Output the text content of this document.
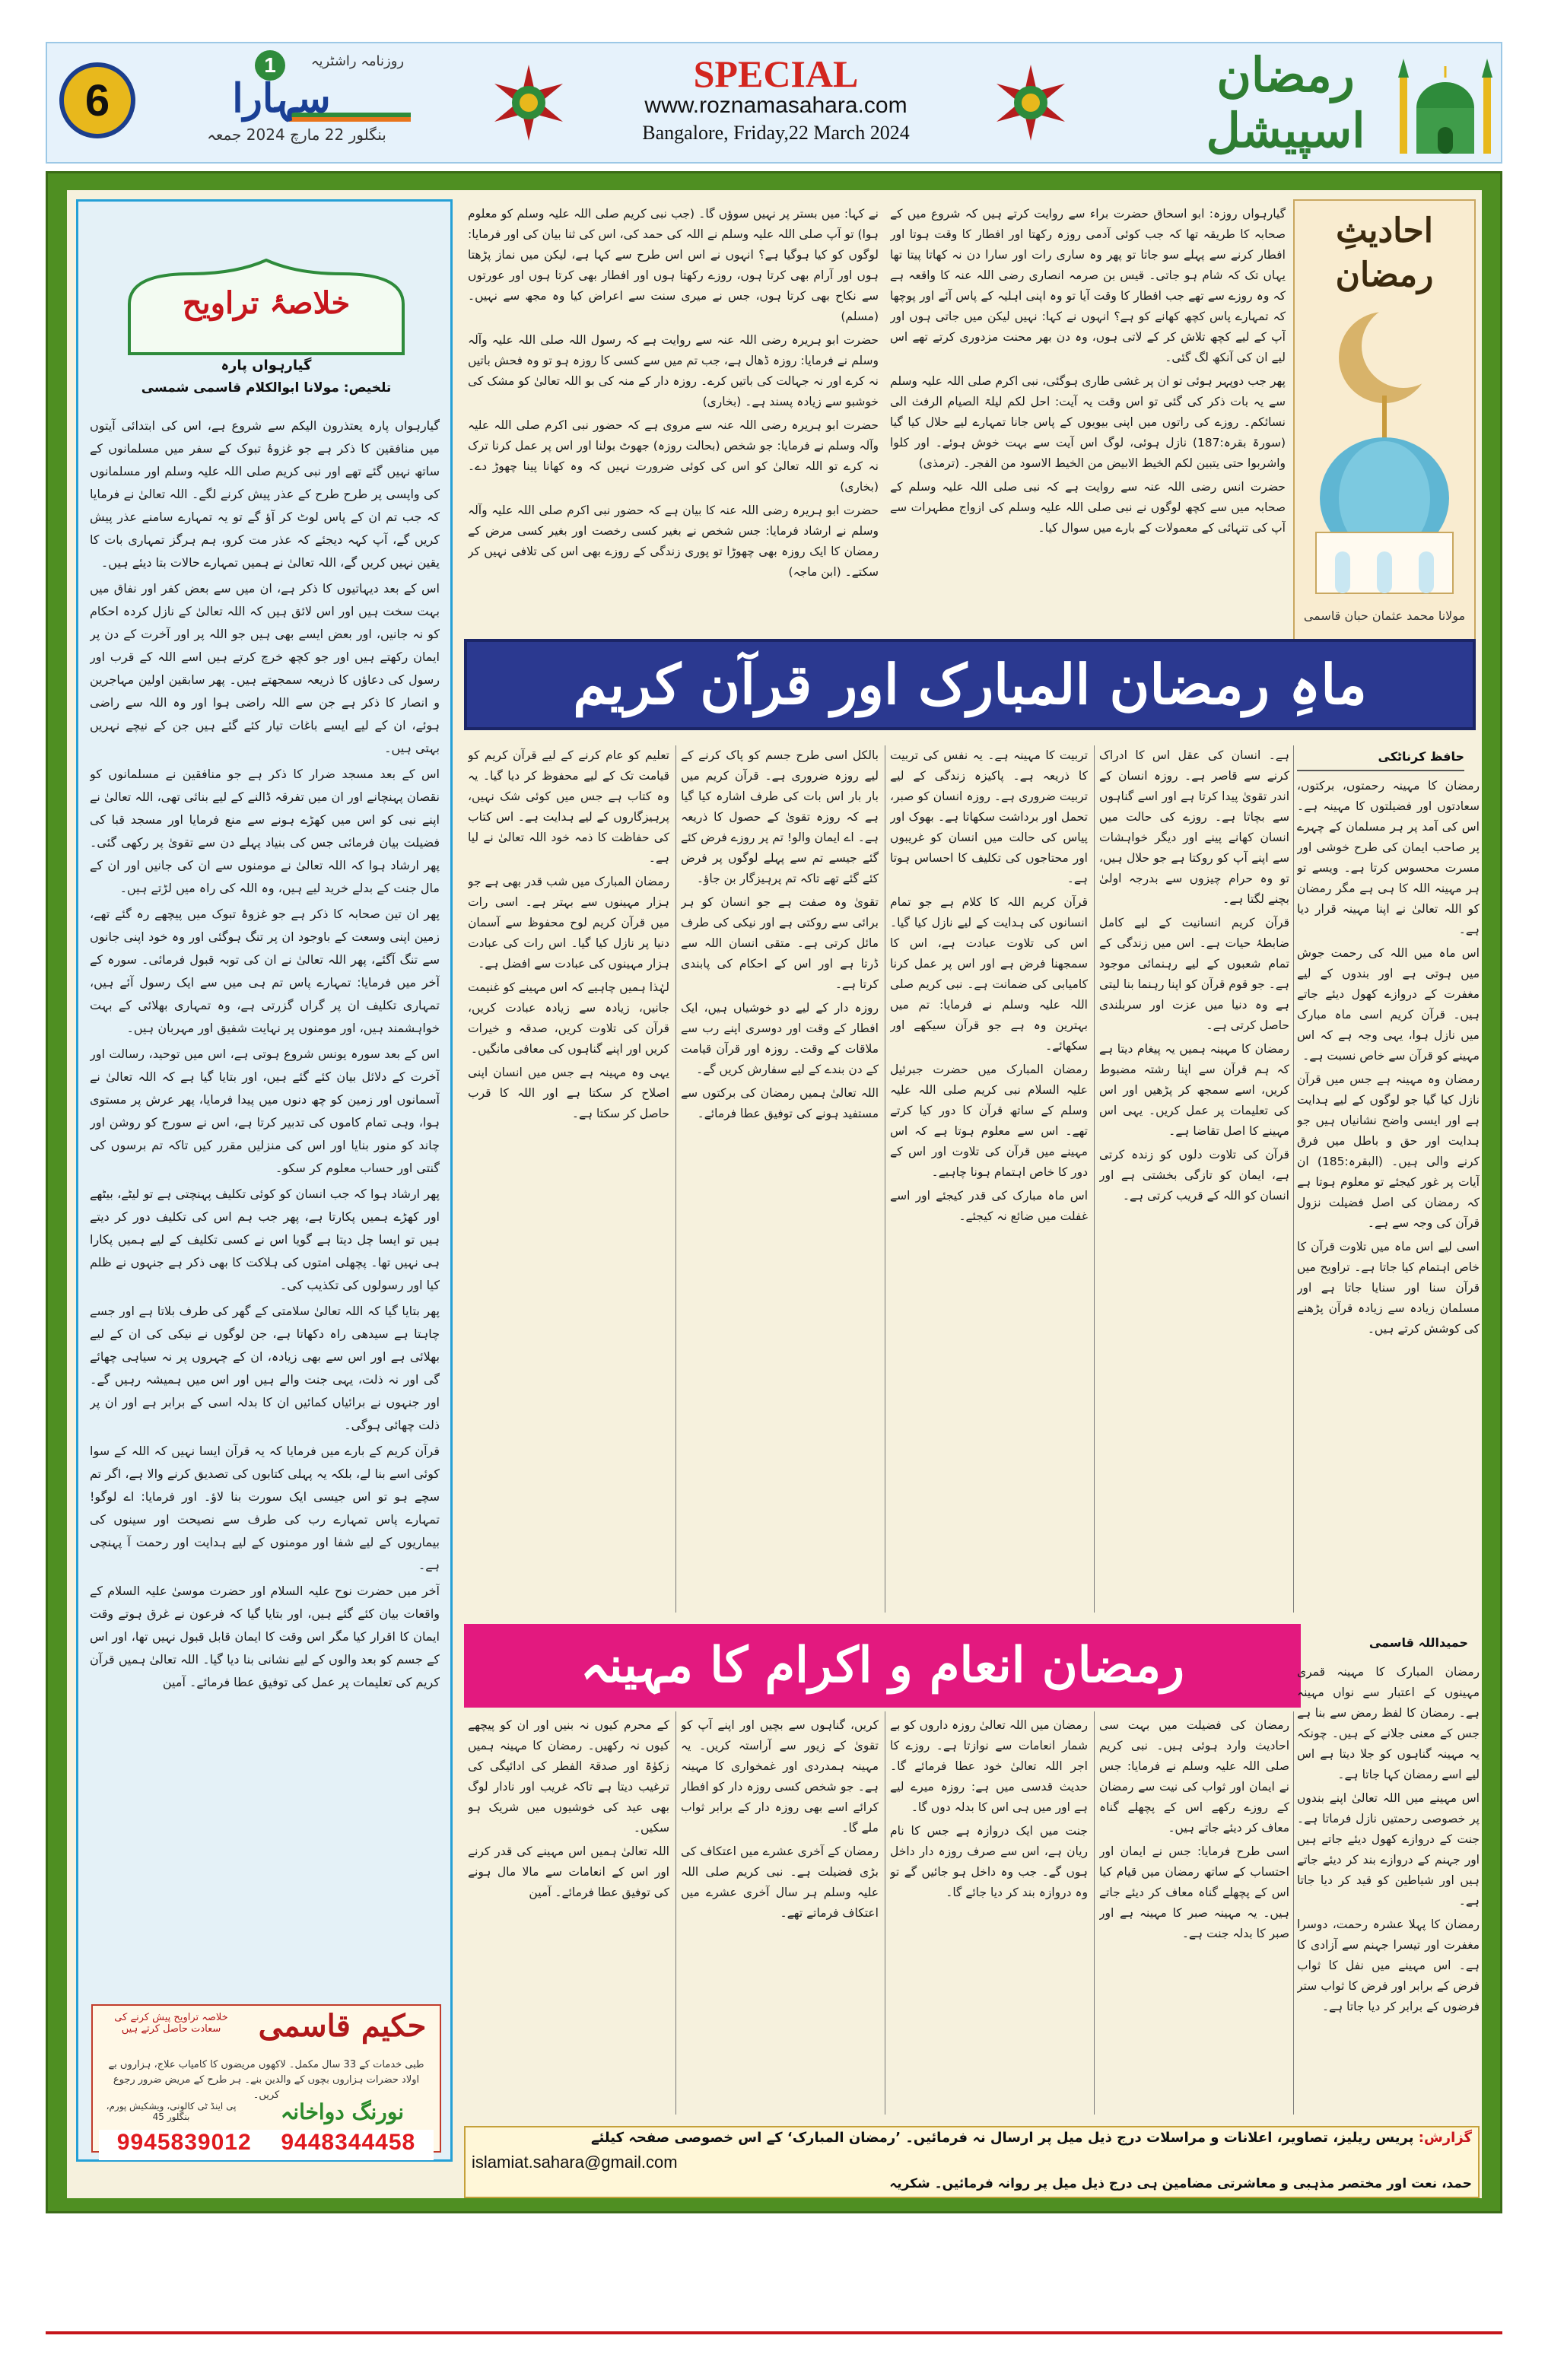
6
1
سہارا
بنگلور 22 مارچ 2024 جمعہ
روزنامہ راشٹریہ	SPECIAL
www.roznamasahara.com
Bangalore, Friday,22 March 2024
رمضان اسپیشل
احادیثِ
رمضان
مولانا محمد عثمان حبان قاسمی

گیارہواں روزہ: ابو اسحاق حضرت براء سے روایت کرتے ہیں کہ شروع میں کے صحابہ کا طریقہ تھا کہ جب کوئی آدمی روزہ رکھتا اور افطار کا وقت ہوتا اور افطار کرنے سے پہلے سو جاتا تو پھر وہ ساری رات اور سارا دن نہ کھاتا پیتا تھا یہاں تک کہ شام ہو جاتی۔ قیس بن صرمہ انصاری رضی اللہ عنہ کا واقعہ ہے کہ وہ روزے سے تھے جب افطار کا وقت آیا تو وہ اپنی اہلیہ کے پاس آئے اور پوچھا کہ تمہارے پاس کچھ کھانے کو ہے؟ انہوں نے کہا: نہیں لیکن میں جاتی ہوں اور آپ کے لیے کچھ تلاش کر کے لاتی ہوں، وہ دن بھر محنت مزدوری کرتے تھے اس لیے ان کی آنکھ لگ گئی۔

پھر جب دوپہر ہوئی تو ان پر غشی طاری ہوگئی، نبی اکرم صلی اللہ علیہ وسلم سے یہ بات ذکر کی گئی تو اس وقت یہ آیت: احل لکم لیلۃ الصیام الرفث الی نسائکم۔ روزے کی راتوں میں اپنی بیویوں کے پاس جانا تمہارے لیے حلال کیا گیا (سورۃ بقرہ:187) نازل ہوئی، لوگ اس آیت سے بہت خوش ہوئے۔ اور کلوا واشربوا حتی یتبین لکم الخیط الابیض من الخیط الاسود من الفجر۔ (ترمذی)

حضرت انس رضی اللہ عنہ سے روایت ہے کہ نبی صلی اللہ علیہ وسلم کے صحابہ میں سے کچھ لوگوں نے نبی صلی اللہ علیہ وسلم کی ازواج مطہرات سے آپ کی تنہائی کے معمولات کے بارے میں سوال کیا۔

نے کہا: میں بستر پر نہیں سوؤں گا۔ (جب نبی کریم صلی اللہ علیہ وسلم کو معلوم ہوا) تو آپ صلی اللہ علیہ وسلم نے اللہ کی حمد کی، اس کی ثنا بیان کی اور فرمایا: لوگوں کو کیا ہوگیا ہے؟ انہوں نے اس اس طرح سے کہا ہے، لیکن میں نماز پڑھتا ہوں اور آرام بھی کرتا ہوں، روزے رکھتا ہوں اور افطار بھی کرتا ہوں اور عورتوں سے نکاح بھی کرتا ہوں، جس نے میری سنت سے اعراض کیا وہ مجھ سے نہیں۔ (مسلم)

حضرت ابو ہریرہ رضی اللہ عنہ سے روایت ہے کہ رسول اللہ صلی اللہ علیہ وآلہ وسلم نے فرمایا: روزہ ڈھال ہے، جب تم میں سے کسی کا روزہ ہو تو وہ فحش باتیں نہ کرے اور نہ جہالت کی باتیں کرے۔ روزہ دار کے منہ کی بو اللہ تعالیٰ کو مشک کی خوشبو سے زیادہ پسند ہے۔ (بخاری)

حضرت ابو ہریرہ رضی اللہ عنہ سے مروی ہے کہ حضور نبی اکرم صلی اللہ علیہ وآلہ وسلم نے فرمایا: جو شخص (بحالت روزہ) جھوٹ بولنا اور اس پر عمل کرنا ترک نہ کرے تو اللہ تعالیٰ کو اس کی کوئی ضرورت نہیں کہ وہ کھانا پینا چھوڑ دے۔ (بخاری)

حضرت ابو ہریرہ رضی اللہ عنہ کا بیان ہے کہ حضور نبی اکرم صلی اللہ علیہ وآلہ وسلم نے ارشاد فرمایا: جس شخص نے بغیر کسی رخصت اور بغیر کسی مرض کے رمضان کا ایک روزہ بھی چھوڑا تو پوری زندگی کے روزے بھی اس کی تلافی نہیں کر سکتے۔ (ابن ماجہ)

خلاصۂ تراویح
گیارہواں پارہ
تلخیص: مولانا ابوالکلام قاسمی شمسی

گیارہواں پارہ یعتذرون الیکم سے شروع ہے، اس کی ابتدائی آیتوں میں منافقین کا ذکر ہے جو غزوۂ تبوک کے سفر میں مسلمانوں کے ساتھ نہیں گئے تھے اور نبی کریم صلی اللہ علیہ وسلم اور مسلمانوں کی واپسی پر طرح طرح کے عذر پیش کرنے لگے۔ اللہ تعالیٰ نے فرمایا کہ جب تم ان کے پاس لوٹ کر آؤ گے تو یہ تمہارے سامنے عذر پیش کریں گے، آپ کہہ دیجئے کہ عذر مت کرو، ہم ہرگز تمہاری بات کا یقین نہیں کریں گے، اللہ تعالیٰ نے ہمیں تمہارے حالات بتا دیئے ہیں۔

اس کے بعد دیہاتیوں کا ذکر ہے، ان میں سے بعض کفر اور نفاق میں بہت سخت ہیں اور اس لائق ہیں کہ اللہ تعالیٰ کے نازل کردہ احکام کو نہ جانیں، اور بعض ایسے بھی ہیں جو اللہ پر اور آخرت کے دن پر ایمان رکھتے ہیں اور جو کچھ خرچ کرتے ہیں اسے اللہ کے قرب اور رسول کی دعاؤں کا ذریعہ سمجھتے ہیں۔ پھر سابقین اولین مہاجرین و انصار کا ذکر ہے جن سے اللہ راضی ہوا اور وہ اللہ سے راضی ہوئے، ان کے لیے ایسے باغات تیار کئے گئے ہیں جن کے نیچے نہریں بہتی ہیں۔

اس کے بعد مسجد ضرار کا ذکر ہے جو منافقین نے مسلمانوں کو نقصان پہنچانے اور ان میں تفرقہ ڈالنے کے لیے بنائی تھی، اللہ تعالیٰ نے اپنے نبی کو اس میں کھڑے ہونے سے منع فرمایا اور مسجد قبا کی فضیلت بیان فرمائی جس کی بنیاد پہلے دن سے تقویٰ پر رکھی گئی۔ پھر ارشاد ہوا کہ اللہ تعالیٰ نے مومنوں سے ان کی جانیں اور ان کے مال جنت کے بدلے خرید لیے ہیں، وہ اللہ کی راہ میں لڑتے ہیں۔

پھر ان تین صحابہ کا ذکر ہے جو غزوۂ تبوک میں پیچھے رہ گئے تھے، زمین اپنی وسعت کے باوجود ان پر تنگ ہوگئی اور وہ خود اپنی جانوں سے تنگ آگئے، پھر اللہ تعالیٰ نے ان کی توبہ قبول فرمائی۔ سورہ کے آخر میں فرمایا: تمہارے پاس تم ہی میں سے ایک رسول آئے ہیں، تمہاری تکلیف ان پر گراں گزرتی ہے، وہ تمہاری بھلائی کے بہت خواہشمند ہیں، اور مومنوں پر نہایت شفیق اور مہربان ہیں۔

اس کے بعد سورہ یونس شروع ہوتی ہے، اس میں توحید، رسالت اور آخرت کے دلائل بیان کئے گئے ہیں، اور بتایا گیا ہے کہ اللہ تعالیٰ نے آسمانوں اور زمین کو چھ دنوں میں پیدا فرمایا، پھر عرش پر مستوی ہوا، وہی تمام کاموں کی تدبیر کرتا ہے، اس نے سورج کو روشن اور چاند کو منور بنایا اور اس کی منزلیں مقرر کیں تاکہ تم برسوں کی گنتی اور حساب معلوم کر سکو۔

پھر ارشاد ہوا کہ جب انسان کو کوئی تکلیف پہنچتی ہے تو لیٹے، بیٹھے اور کھڑے ہمیں پکارتا ہے، پھر جب ہم اس کی تکلیف دور کر دیتے ہیں تو ایسا چل دیتا ہے گویا اس نے کسی تکلیف کے لیے ہمیں پکارا ہی نہیں تھا۔ پچھلی امتوں کی ہلاکت کا بھی ذکر ہے جنہوں نے ظلم کیا اور رسولوں کی تکذیب کی۔

پھر بتایا گیا کہ اللہ تعالیٰ سلامتی کے گھر کی طرف بلاتا ہے اور جسے چاہتا ہے سیدھی راہ دکھاتا ہے، جن لوگوں نے نیکی کی ان کے لیے بھلائی ہے اور اس سے بھی زیادہ، ان کے چہروں پر نہ سیاہی چھائے گی اور نہ ذلت، یہی جنت والے ہیں اور اس میں ہمیشہ رہیں گے۔ اور جنہوں نے برائیاں کمائیں ان کا بدلہ اسی کے برابر ہے اور ان پر ذلت چھائی ہوگی۔

قرآن کریم کے بارے میں فرمایا کہ یہ قرآن ایسا نہیں کہ اللہ کے سوا کوئی اسے بنا لے، بلکہ یہ پہلی کتابوں کی تصدیق کرنے والا ہے، اگر تم سچے ہو تو اس جیسی ایک سورت بنا لاؤ۔ اور فرمایا: اے لوگو! تمہارے پاس تمہارے رب کی طرف سے نصیحت اور سینوں کی بیماریوں کے لیے شفا اور مومنوں کے لیے ہدایت اور رحمت آ پہنچی ہے۔

آخر میں حضرت نوح علیہ السلام اور حضرت موسیٰ علیہ السلام کے واقعات بیان کئے گئے ہیں، اور بتایا گیا کہ فرعون نے غرق ہوتے وقت ایمان کا اقرار کیا مگر اس وقت کا ایمان قابل قبول نہیں تھا، اور اس کے جسم کو بعد والوں کے لیے نشانی بنا دیا گیا۔ اللہ تعالیٰ ہمیں قرآن کریم کی تعلیمات پر عمل کی توفیق عطا فرمائے۔ آمین

خلاصہ تراویح پیش کرنے کی سعادت حاصل کرتے ہیں	حکیم قاسمی
طبی خدمات کے 33 سال مکمل۔ لاکھوں مریضوں کا کامیاب علاج، ہزاروں بے اولاد حضرات ہزاروں بچوں کے والدین بنے۔ ہر طرح کے مریض ضرور رجوع کریں۔
نورنگ دواخانہ
پی اینڈ ٹی کالونی، ویشکیش پورم، بنگلور 45
9945839012 9448344458
ماہِ رمضان المبارک اور قرآن کریم
حافظ کرناٹکی

رمضان کا مہینہ رحمتوں، برکتوں، سعادتوں اور فضیلتوں کا مہینہ ہے۔ اس کی آمد پر ہر مسلمان کے چہرے پر صاحب ایمان کی طرح خوشی اور مسرت محسوس کرتا ہے۔ ویسے تو ہر مہینہ اللہ کا ہی ہے مگر رمضان کو اللہ تعالیٰ نے اپنا مہینہ قرار دیا ہے۔

اس ماہ میں اللہ کی رحمت جوش میں ہوتی ہے اور بندوں کے لیے مغفرت کے دروازے کھول دیئے جاتے ہیں۔ قرآن کریم اسی ماہ مبارک میں نازل ہوا، یہی وجہ ہے کہ اس مہینے کو قرآن سے خاص نسبت ہے۔

رمضان وہ مہینہ ہے جس میں قرآن نازل کیا گیا جو لوگوں کے لیے ہدایت ہے اور ایسی واضح نشانیاں ہیں جو ہدایت اور حق و باطل میں فرق کرنے والی ہیں۔ (البقرہ:185) ان آیات پر غور کیجئے تو معلوم ہوتا ہے کہ رمضان کی اصل فضیلت نزول قرآن کی وجہ سے ہے۔

اسی لیے اس ماہ میں تلاوت قرآن کا خاص اہتمام کیا جاتا ہے۔ تراویح میں قرآن سنا اور سنایا جاتا ہے اور مسلمان زیادہ سے زیادہ قرآن پڑھنے کی کوشش کرتے ہیں۔

ہے۔ انسان کی عقل اس کا ادراک کرنے سے قاصر ہے۔ روزہ انسان کے اندر تقویٰ پیدا کرتا ہے اور اسے گناہوں سے بچاتا ہے۔ روزے کی حالت میں انسان کھانے پینے اور دیگر خواہشات سے اپنے آپ کو روکتا ہے جو حلال ہیں، تو وہ حرام چیزوں سے بدرجہ اولیٰ بچنے لگتا ہے۔

قرآن کریم انسانیت کے لیے کامل ضابطۂ حیات ہے۔ اس میں زندگی کے تمام شعبوں کے لیے رہنمائی موجود ہے۔ جو قوم قرآن کو اپنا رہنما بنا لیتی ہے وہ دنیا میں عزت اور سربلندی حاصل کرتی ہے۔

رمضان کا مہینہ ہمیں یہ پیغام دیتا ہے کہ ہم قرآن سے اپنا رشتہ مضبوط کریں، اسے سمجھ کر پڑھیں اور اس کی تعلیمات پر عمل کریں۔ یہی اس مہینے کا اصل تقاضا ہے۔

قرآن کی تلاوت دلوں کو زندہ کرتی ہے، ایمان کو تازگی بخشتی ہے اور انسان کو اللہ کے قریب کرتی ہے۔

تربیت کا مہینہ ہے۔ یہ نفس کی تربیت کا ذریعہ ہے۔ پاکیزہ زندگی کے لیے تربیت ضروری ہے۔ روزہ انسان کو صبر، تحمل اور برداشت سکھاتا ہے۔ بھوک اور پیاس کی حالت میں انسان کو غریبوں اور محتاجوں کی تکلیف کا احساس ہوتا ہے۔

قرآن کریم اللہ کا کلام ہے جو تمام انسانوں کی ہدایت کے لیے نازل کیا گیا۔ اس کی تلاوت عبادت ہے، اس کا سمجھنا فرض ہے اور اس پر عمل کرنا کامیابی کی ضمانت ہے۔ نبی کریم صلی اللہ علیہ وسلم نے فرمایا: تم میں بہترین وہ ہے جو قرآن سیکھے اور سکھائے۔

رمضان المبارک میں حضرت جبرئیل علیہ السلام نبی کریم صلی اللہ علیہ وسلم کے ساتھ قرآن کا دور کیا کرتے تھے۔ اس سے معلوم ہوتا ہے کہ اس مہینے میں قرآن کی تلاوت اور اس کے دور کا خاص اہتمام ہونا چاہیے۔

اس ماہ مبارک کی قدر کیجئے اور اسے غفلت میں ضائع نہ کیجئے۔

بالکل اسی طرح جسم کو پاک کرنے کے لیے روزہ ضروری ہے۔ قرآن کریم میں بار بار اس بات کی طرف اشارہ کیا گیا ہے کہ روزہ تقویٰ کے حصول کا ذریعہ ہے۔ اے ایمان والو! تم پر روزے فرض کئے گئے جیسے تم سے پہلے لوگوں پر فرض کئے گئے تھے تاکہ تم پرہیزگار بن جاؤ۔

تقویٰ وہ صفت ہے جو انسان کو ہر برائی سے روکتی ہے اور نیکی کی طرف مائل کرتی ہے۔ متقی انسان اللہ سے ڈرتا ہے اور اس کے احکام کی پابندی کرتا ہے۔

روزہ دار کے لیے دو خوشیاں ہیں، ایک افطار کے وقت اور دوسری اپنے رب سے ملاقات کے وقت۔ روزہ اور قرآن قیامت کے دن بندے کے لیے سفارش کریں گے۔

اللہ تعالیٰ ہمیں رمضان کی برکتوں سے مستفید ہونے کی توفیق عطا فرمائے۔

تعلیم کو عام کرنے کے لیے قرآن کریم کو قیامت تک کے لیے محفوظ کر دیا گیا۔ یہ وہ کتاب ہے جس میں کوئی شک نہیں، پرہیزگاروں کے لیے ہدایت ہے۔ اس کتاب کی حفاظت کا ذمہ خود اللہ تعالیٰ نے لیا ہے۔

رمضان المبارک میں شب قدر بھی ہے جو ہزار مہینوں سے بہتر ہے۔ اسی رات میں قرآن کریم لوح محفوظ سے آسمان دنیا پر نازل کیا گیا۔ اس رات کی عبادت ہزار مہینوں کی عبادت سے افضل ہے۔

لہٰذا ہمیں چاہیے کہ اس مہینے کو غنیمت جانیں، زیادہ سے زیادہ عبادت کریں، قرآن کی تلاوت کریں، صدقہ و خیرات کریں اور اپنے گناہوں کی معافی مانگیں۔

یہی وہ مہینہ ہے جس میں انسان اپنی اصلاح کر سکتا ہے اور اللہ کا قرب حاصل کر سکتا ہے۔

رمضان انعام و اکرام کا مہینہ	حمیداللہ قاسمی

رمضان المبارک کا مہینہ قمری مہینوں کے اعتبار سے نواں مہینہ ہے۔ رمضان کا لفظ رمض سے بنا ہے جس کے معنی جلانے کے ہیں۔ چونکہ یہ مہینہ گناہوں کو جلا دیتا ہے اس لیے اسے رمضان کہا جاتا ہے۔

اس مہینے میں اللہ تعالیٰ اپنے بندوں پر خصوصی رحمتیں نازل فرماتا ہے۔ جنت کے دروازے کھول دیئے جاتے ہیں اور جہنم کے دروازے بند کر دیئے جاتے ہیں اور شیاطین کو قید کر دیا جاتا ہے۔

رمضان کا پہلا عشرہ رحمت، دوسرا مغفرت اور تیسرا جہنم سے آزادی کا ہے۔ اس مہینے میں نفل کا ثواب فرض کے برابر اور فرض کا ثواب ستر فرضوں کے برابر کر دیا جاتا ہے۔

رمضان کی فضیلت میں بہت سی احادیث وارد ہوئی ہیں۔ نبی کریم صلی اللہ علیہ وسلم نے فرمایا: جس نے ایمان اور ثواب کی نیت سے رمضان کے روزے رکھے اس کے پچھلے گناہ معاف کر دیئے جاتے ہیں۔

اسی طرح فرمایا: جس نے ایمان اور احتساب کے ساتھ رمضان میں قیام کیا اس کے پچھلے گناہ معاف کر دیئے جاتے ہیں۔ یہ مہینہ صبر کا مہینہ ہے اور صبر کا بدلہ جنت ہے۔

رمضان میں اللہ تعالیٰ روزہ داروں کو بے شمار انعامات سے نوازتا ہے۔ روزے کا اجر اللہ تعالیٰ خود عطا فرمائے گا۔ حدیث قدسی میں ہے: روزہ میرے لیے ہے اور میں ہی اس کا بدلہ دوں گا۔

جنت میں ایک دروازہ ہے جس کا نام ریان ہے، اس سے صرف روزہ دار داخل ہوں گے۔ جب وہ داخل ہو جائیں گے تو وہ دروازہ بند کر دیا جائے گا۔

کریں، گناہوں سے بچیں اور اپنے آپ کو تقویٰ کے زیور سے آراستہ کریں۔ یہ مہینہ ہمدردی اور غمخواری کا مہینہ ہے۔ جو شخص کسی روزہ دار کو افطار کرائے اسے بھی روزہ دار کے برابر ثواب ملے گا۔

رمضان کے آخری عشرے میں اعتکاف کی بڑی فضیلت ہے۔ نبی کریم صلی اللہ علیہ وسلم ہر سال آخری عشرے میں اعتکاف فرماتے تھے۔

کے محرم کیوں نہ بنیں اور ان کو پیچھے کیوں نہ رکھیں۔ رمضان کا مہینہ ہمیں زکوٰۃ اور صدقۃ الفطر کی ادائیگی کی ترغیب دیتا ہے تاکہ غریب اور نادار لوگ بھی عید کی خوشیوں میں شریک ہو سکیں۔

اللہ تعالیٰ ہمیں اس مہینے کی قدر کرنے اور اس کے انعامات سے مالا مال ہونے کی توفیق عطا فرمائے۔ آمین

گزارش: پریس ریلیز، تصاویر، اعلانات و مراسلات درج ذیل میل پر ارسال نہ فرمائیں۔ ’رمضان المبارک‘ کے اس خصوصی صفحہ کیلئے
islamiat.sahara@gmail.com
حمد، نعت اور مختصر مذہبی و معاشرتی مضامین ہی درج ذیل میل پر روانہ فرمائیں۔ شکریہ
